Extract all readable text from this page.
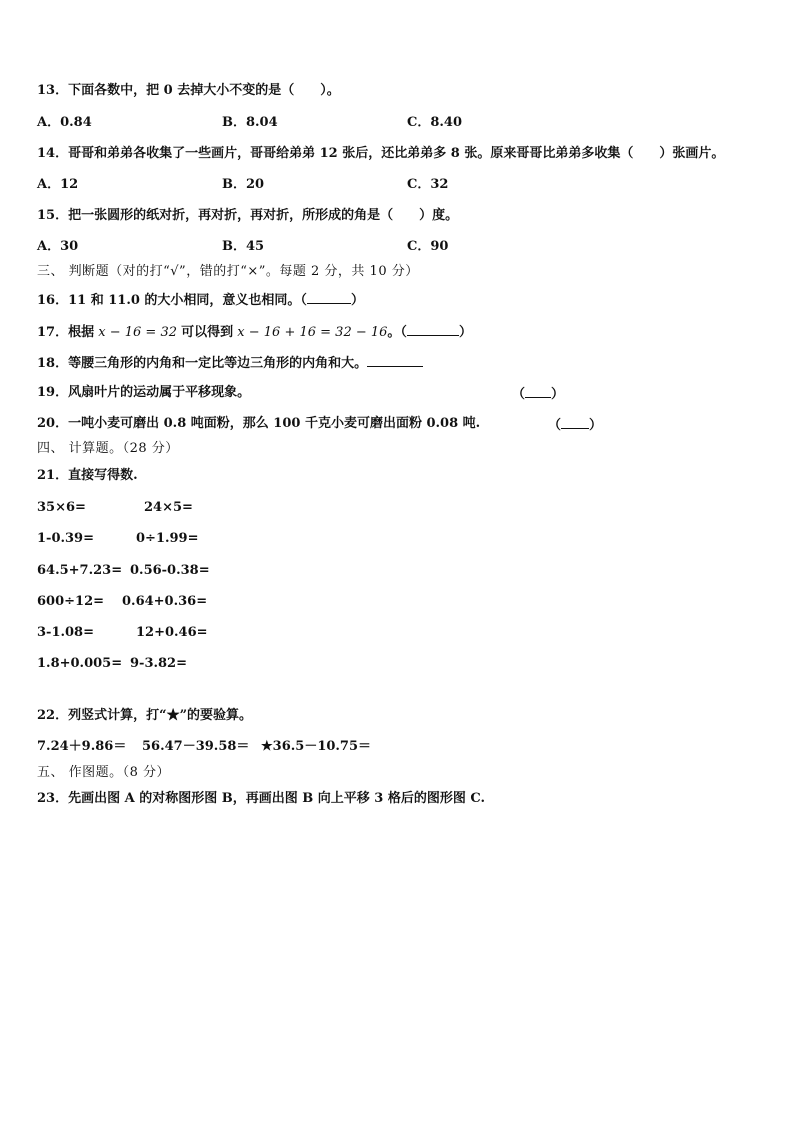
13．下面各数中，把 0 去掉大小不变的是（　　）。
A．0.84	B．8.04	C．8.40
14．哥哥和弟弟各收集了一些画片，哥哥给弟弟 12 张后，还比弟弟多 8 张。原来哥哥比弟弟多收集（　　）张画片。
A．12	B．20	C．32
15．把一张圆形的纸对折，再对折，再对折，所形成的角是（　　）度。
A．30	B．45	C．90
三、 判断题（对的打“√”，错的打“×”。每题 2 分，共 10 分）
16．11 和 11.0 的大小相同，意义也相同。（	）
17．根据 x − 16 = 32 可以得到 x − 16 + 16 = 32 − 16。（	）
18．等腰三角形的内角和一定比等边三角形的内角和大。
19．风扇叶片的运动属于平移现象。	（ ）
20．一吨小麦可磨出 0.8 吨面粉，那么 100 千克小麦可磨出面粉 0.08 吨.	（ ）
四、 计算题。（28 分）
21．直接写得数.
35×6=	24×5=
1-0.39=	0÷1.99=
64.5+7.23= 0.56-0.38=
600÷12= 0.64+0.36=
3-1.08=	12+0.46=
1.8+0.005= 9-3.82=
22．列竖式计算，打“★”的要验算。
7.24＋9.86＝ 56.47－39.58＝ ★36.5－10.75＝
五、 作图题。（8 分）
23．先画出图 A 的对称图形图 B，再画出图 B 向上平移 3 格后的图形图 C.
